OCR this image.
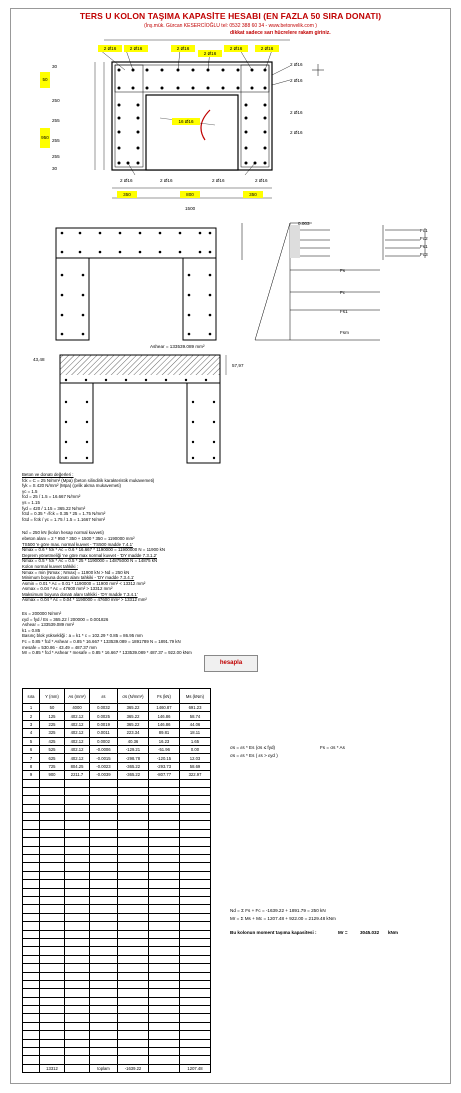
TERS U KOLON TAŞIMA KAPASİTE HESABI (EN FAZLA 50 SIRA DONATI)
(İnş.mük. Gürcan KESERCİOĞLU tel: 0532 388 60 34 - www.betonvelik.com )
dikkat sadece sarı hücrelere rakam giriniz.
2 Ø16	2 Ø16	2 Ø16
2 Ø16
2 Ø16	2 Ø16
16 Ø16
2 Ø16
2 Ø16
2 Ø16
2 Ø16
50
950
30
250
255
255
255
30
2 Ø16	2 Ø16	2 Ø16	2 Ø16
350	800	350
1500
0.003
Fc1
Fc2
Fs1
Fc3
Fs
Fc
Fs1
Fsm
Ashear = 133539.089 mm²
43,48
57,97
Beton ve donatı değerleri :
fck = C = 25 N/mm² (Mpa) (beton silindirik karakteristik mukavemeti)
fyk = S 420 N/mm² (Mpa) (çelik akma mukavemeti)
γc = 1.5
fcd = 25 / 1.5 = 16.667 N/mm²
γs = 1.15
fyd = 420 / 1.15 = 365.22 N/mm²
fctd = 0.35 * √fck = 0.35 * 25 = 1.75 N/mm²
fctd = fctk / γc = 1.75 / 1.5 = 1.1667 N/mm²
Nd = 250 kN (kolon hesap normal kuvveti)
ebeton alanı = 2 * 950 * 350 + 1500 * 350 = 1190000 mm²
TS500 'e göre max. normal kuvvet - 'TS500 madde 7.4.1'
Nmax = 0.6 * fck * Ac = 0.6 * 16.667 * 1190000 = 11900000 N = 11900 kN
Deprem yönetmeliği 'ne göre max normal kuvvet - 'DY madde 7.3.1.2'
Nmax = 0.5 * fck * Ac = 0.5 * 25 * 1190000 = 14875000 N = 14875 kN
Kolon normal kuvvet tahkiki :
Nmax = min (Nmax ; Nmax) = 11900 kN > Nd = 250 kN
Minimum boyuna donatı alanı tahkiki - 'DY madde 7.3.4.1'
Asmin = 0.01 * Ac = 0.01 * 1190000 = 11900 mm² < 13312 mm²
Asmax = 0.04 * Ac = 47600 mm² > 13312 mm²
Maksimum boyuna donatı alanı tahkiki - 'DY madde 7.3.4.1'
Asmax = 0.04 * Ac = 0.04 * 1190000 = 47600 mm² > 13312 mm²
Es = 200000 N/mm²
εyd = fyd / Es = 365.22 / 200000 = 0.001826
Ashear = 133539.089 mm²
k1 = 0.85
Basınç blok yüksekliği : a = k1 * c = 102.29 * 0.85 = 86.95 mm
Fc = 0.85 * fcd * Ashear = 0.85 * 16.667 * 133539.089 = 1891789 N = 1891.79 kN
mesafe = 530.86 - 43.49 = 487.37 mm
Mr = 0.85 * fcd * Ashear * mesafe = 0.85 * 16.667 * 133539.089 * 487.37 = 922.00 kNm
hesapla
sıra	Y (mm)	As (mm²)	εs	σs (N/mm²)	Fs (kN)	Ms (kNm)
1	50	4000	0.0032	365.22	1460.87	691.23
2	125	402.12	0.0025	365.22	146.86	58.74
3	225	402.12	0.0019	365.22	146.86	44.06
4	325	402.12	0.0011	223.34	89.81	18.11
5	425	402.12	0.0002	40.36	16.23	1.65
6	525	402.12	-0.0006	-129.21	-51.96	0.00
7	625	402.12	-0.0015	-298.78	-120.15	12.03
8	725	804.25	-0.0023	-365.22	-293.73	58.69
9	900	2211.7	-0.0039	-365.22	-807.77	322.97

	13312		toplam	-1639.22		1207.48
σs = εs * Es (σs ≤ fyd)
σs = εs * Es ( εs > εyd )
Fs = σs * As
Nd = Σ Fs + Fc = -1639.22 + 1891.79 = 250 kN
Mr = Σ Ms + Mc = 1207.48 + 922.00 = 2129.48 kNm
Bu kolonun moment taşıma kapasitesi :	Mr =	3045.032 kNm
